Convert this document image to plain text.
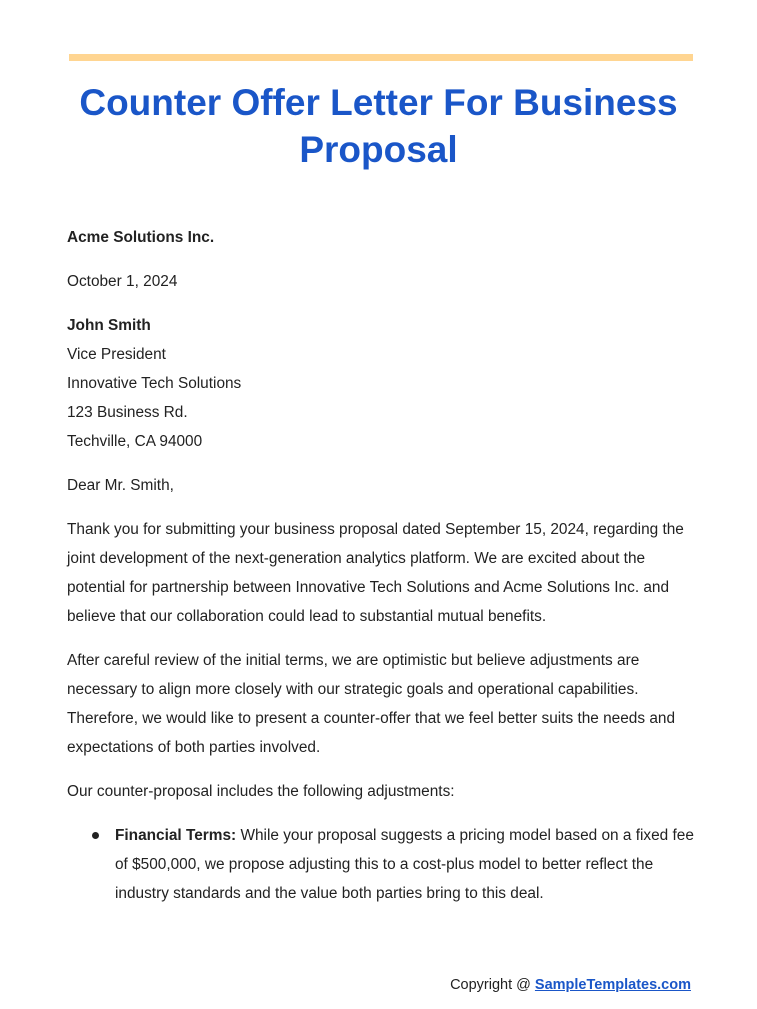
Counter Offer Letter For Business Proposal

Acme Solutions Inc.

October 1, 2024

John Smith

Vice President

Innovative Tech Solutions

123 Business Rd.

Techville, CA 94000

Dear Mr. Smith,

Thank you for submitting your business proposal dated September 15, 2024, regarding the joint development of the next-generation analytics platform. We are excited about the potential for partnership between Innovative Tech Solutions and Acme Solutions Inc. and believe that our collaboration could lead to substantial mutual benefits.

After careful review of the initial terms, we are optimistic but believe adjustments are necessary to align more closely with our strategic goals and operational capabilities. Therefore, we would like to present a counter-offer that we feel better suits the needs and expectations of both parties involved.

Our counter-proposal includes the following adjustments:

Financial Terms: While your proposal suggests a pricing model based on a fixed fee of $500,000, we propose adjusting this to a cost-plus model to better reflect the industry standards and the value both parties bring to this deal.
Copyright @ SampleTemplates.com
